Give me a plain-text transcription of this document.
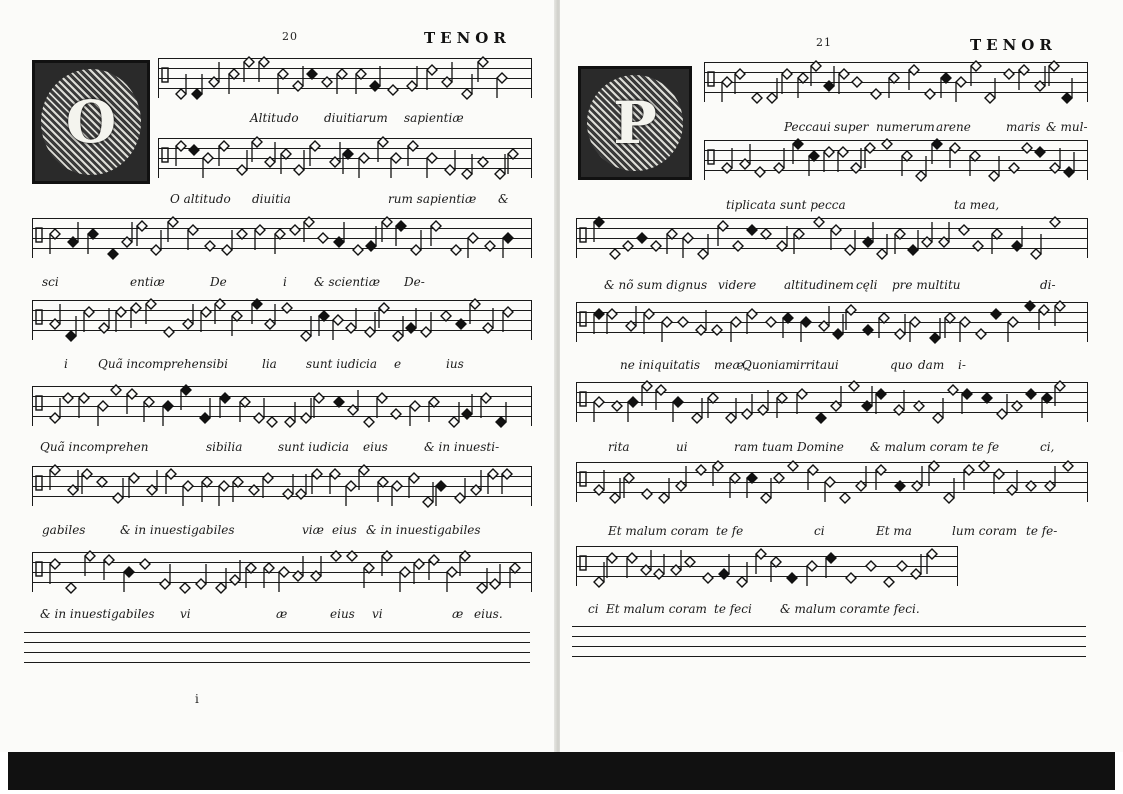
20	TENOR
O	Altitudo diuitiarum sapientiæ
O altitudo diuitia	rum sapientiæ &
sci	entiæ	De	i & scientiæ De-
i	Quã incomprehensibi	lia sunt iudicia e	ius
Quã incomprehen	sibilia	sunt iudicia eius	& in inuesti-
gabiles	& in inuestigabiles	viæ eius & in inuestigabiles
& in inuestigabiles vi	æ	eius vi	æ eius.
i
21	TENOR
P	Peccaui super numerum arene	maris & mul-
tiplicata sunt pecca	ta mea,
& nõ sum dignus videre altitudinem cęli pre multitu	di-
ne iniquitatis meæ,
Quoniam irritaui	quo dam i-
rita	ui	ram tuam Domine & malum coram te fe	ci,
Et malum coram te fe	ci	Et ma	lum coram te fe-
ci Et malum coram te feci & malum coram te feci.
